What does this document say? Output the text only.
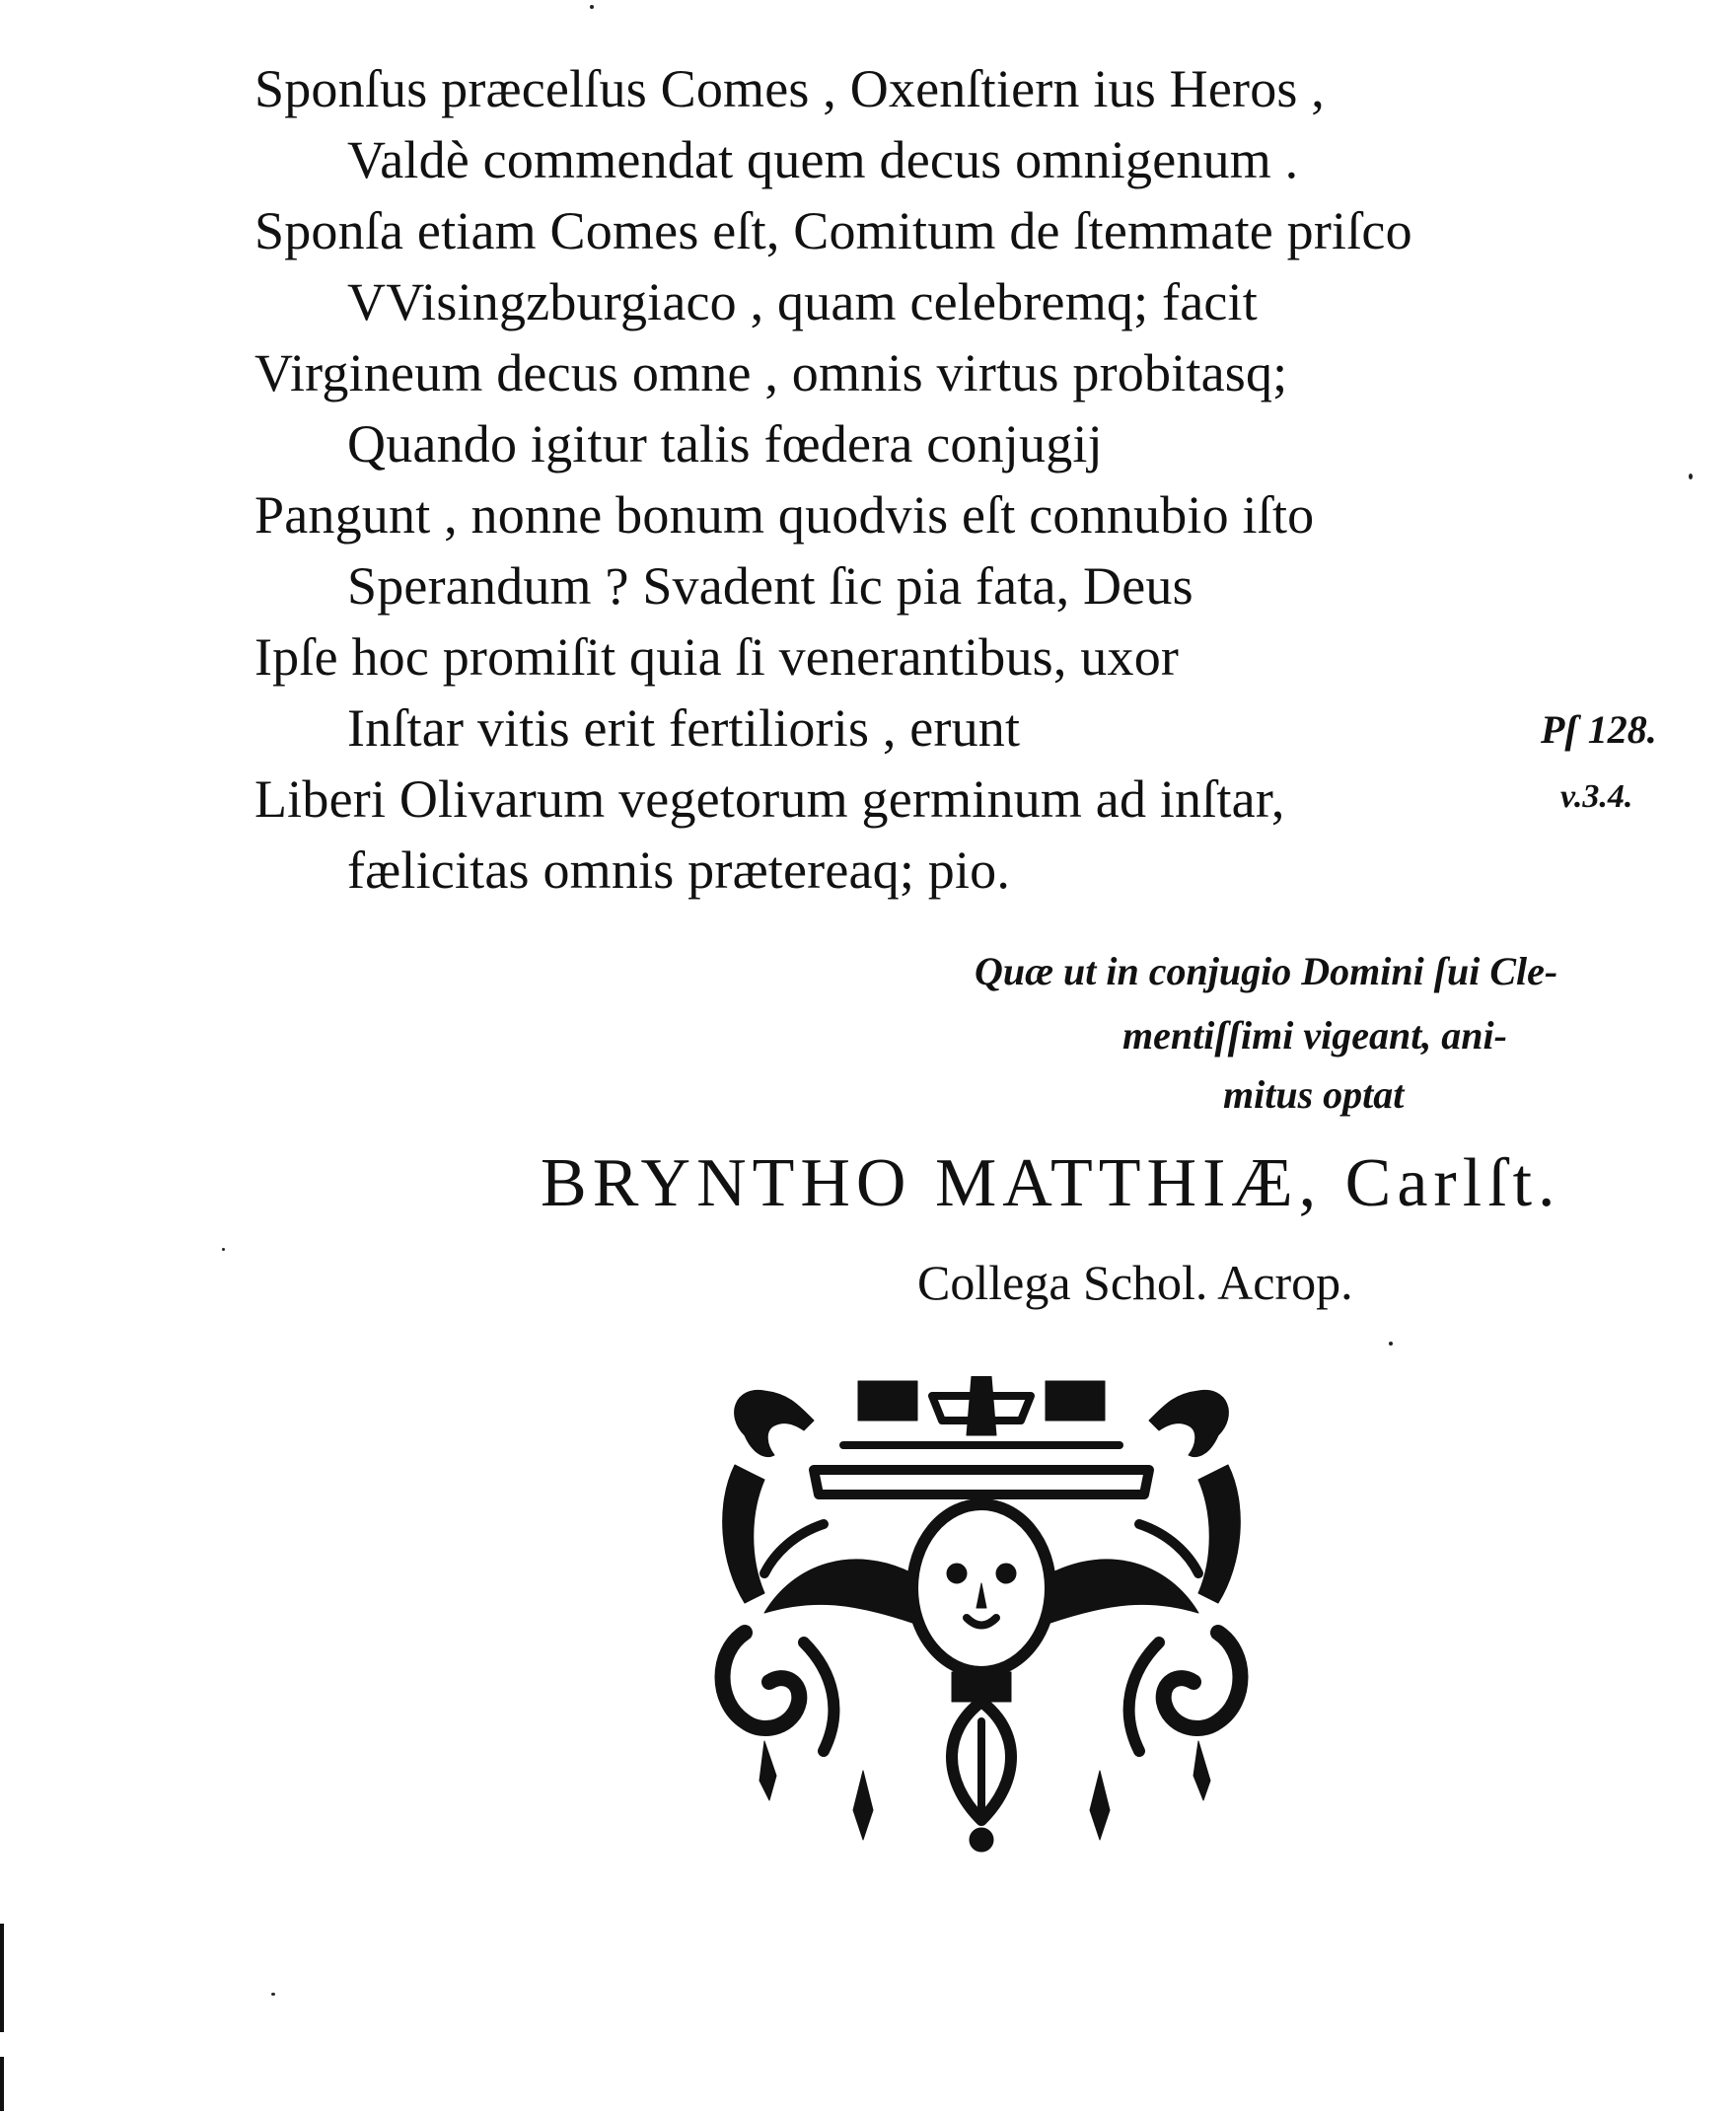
Sponſus præcelſus Comes , Oxenſtiern ius Heros ,
Valdè commendat quem decus omnigenum .
Sponſa etiam Comes eſt, Comitum de ſtemmate priſco
VVisingzburgiaco , quam celebremq; facit
Virgineum decus omne , omnis virtus probitasq;
Quando igitur talis fœdera conjugij
Pangunt , nonne bonum quodvis eſt connubio iſto
Sperandum ? Svadent ſic pia fata, Deus
Ipſe hoc promiſit quia ſi venerantibus, uxor
Inſtar vitis erit fertilioris , erunt
Liberi Olivarum vegetorum germinum ad inſtar,
fælicitas omnis prætereaq; pio.
Pſ 128.
v.3.4.
Quæ ut in conjugio Domini ſui Cle-
mentiſſimi vigeant, ani-
mitus optat
BRYNTHO MATTHIÆ, Carlſt.
Collega Schol. Acrop.
